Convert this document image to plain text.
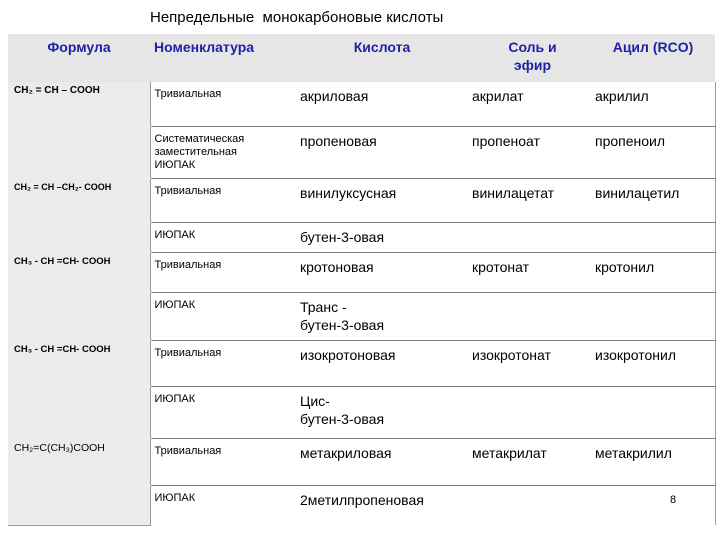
Непредельные  монокарбоновые кислоты
Формула	Номенклатура	Кислота	Соль и эфир	Ацил (RCO)
CH₂ = CH – COOH	Тривиальная	акриловая	акрилат	акрилил
	Систематическая заместительная ИЮПАК	пропеновая	пропеноат	пропеноил
CH₂ = CH –CH₂- COOH	Тривиальная	винилуксусная	винилацетат	винилацетил
	ИЮПАК	бутен-3-овая		
CH₃ - CH =CH- COOH	Тривиальная	кротоновая	кротонат	кротонил
	ИЮПАК	Транс -
бутен-3-овая		
CH₃ - CH =CH- COOH	Тривиальная	изокротоновая	изокротонат	изокротонил
	ИЮПАК	Цис-
бутен-3-овая		
CH₂=C(CH₃)COOH	Тривиальная	метакриловая	метакрилат	метакрилил
	ИЮПАК	2метилпропеновая			8
